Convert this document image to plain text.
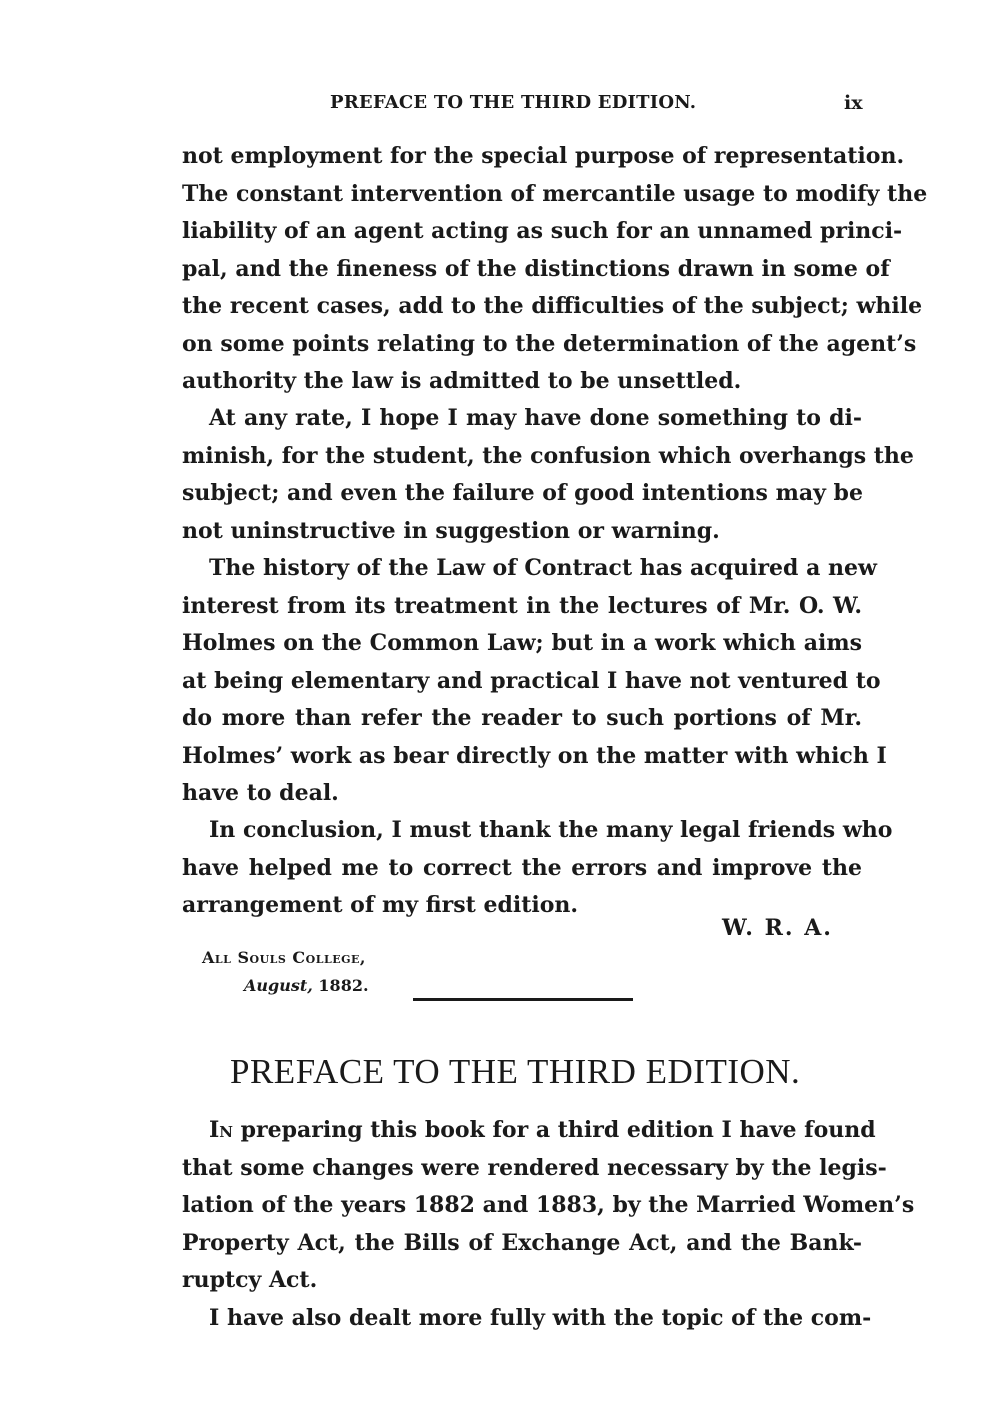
PREFACE TO THE THIRD EDITION.	ix

not employment for the special purpose of representation.
The constant intervention of mercantile usage to modify the
liability of an agent acting as such for an unnamed princi-
pal, and the fineness of the distinctions drawn in some of
the recent cases, add to the difficulties of the subject; while
on some points relating to the determination of the agent’s
authority the law is admitted to be unsettled.

At any rate, I hope I may have done something to di-
minish, for the student, the confusion which overhangs the
subject; and even the failure of good intentions may be
not uninstructive in suggestion or warning.

The history of the Law of Contract has acquired a new
interest from its treatment in the lectures of Mr. O. W.
Holmes on the Common Law; but in a work which aims
at being elementary and practical I have not ventured to
do more than refer the reader to such portions of Mr.
Holmes’ work as bear directly on the matter with which I
have to deal.

In conclusion, I must thank the many legal friends who
have helped me to correct the errors and improve the
arrangement of my first edition.

W. R. A.
All Souls College,
August, 1882.
PREFACE TO THE THIRD EDITION.

In preparing this book for a third edition I have found
that some changes were rendered necessary by the legis-
lation of the years 1882 and 1883, by the Married Women’s
Property Act, the Bills of Exchange Act, and the Bank-
ruptcy Act.

I have also dealt more fully with the topic of the com-
